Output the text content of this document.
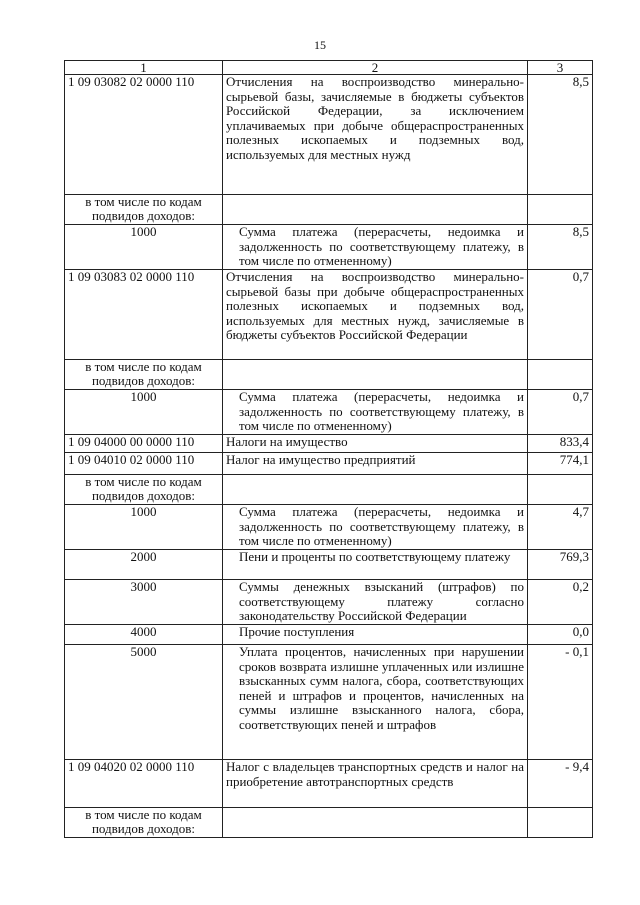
15
1	2	3
1 09 03082 02 0000 110	Отчисления на воспроизводство минерально-сырьевой базы, зачисляемые в бюджеты субъектов Российской Федерации, за исключением уплачиваемых при добыче общераспространенных полезных ископаемых и подземных вод, используемых для местных нужд	8,5

в том числе по кодам подвидов доходов:		

1000	Сумма платежа (перерасчеты, недоимка и задолженность по соответствующему платежу, в том числе по отмененному)	8,5
1 09 03083 02 0000 110	Отчисления на воспроизводство минерально-сырьевой базы при добыче общераспространенных полезных ископаемых и подземных вод, используемых для местных нужд, зачисляемые в бюджеты субъектов Российской Федерации	0,7

в том числе по кодам подвидов доходов:		

1000	Сумма платежа (перерасчеты, недоимка и задолженность по соответствующему платежу, в том числе по отмененному)	0,7
1 09 04000 00 0000 110	Налоги на имущество	833,4
1 09 04010 02 0000 110	Налог на имущество предприятий	774,1

в том числе по кодам подвидов доходов:		

1000	Сумма платежа (перерасчеты, недоимка и задолженность по соответствующему платежу, в том числе по отмененному)	4,7
2000	Пени и проценты по соответствующему платежу	769,3
3000	Суммы денежных взысканий (штрафов) по соответствующему платежу согласно законодательству Российской Федерации	0,2
4000	Прочие поступления	0,0
5000	Уплата процентов, начисленных при нарушении сроков возврата излишне уплаченных или излишне взысканных сумм налога, сбора, соответствующих пеней и штрафов и процентов, начисленных на суммы излишне взысканного налога, сбора, соответствующих пеней и штрафов	- 0,1
1 09 04020 02 0000 110	Налог с владельцев транспортных средств и налог на приобретение автотранспортных средств	- 9,4

в том числе по кодам подвидов доходов:		
